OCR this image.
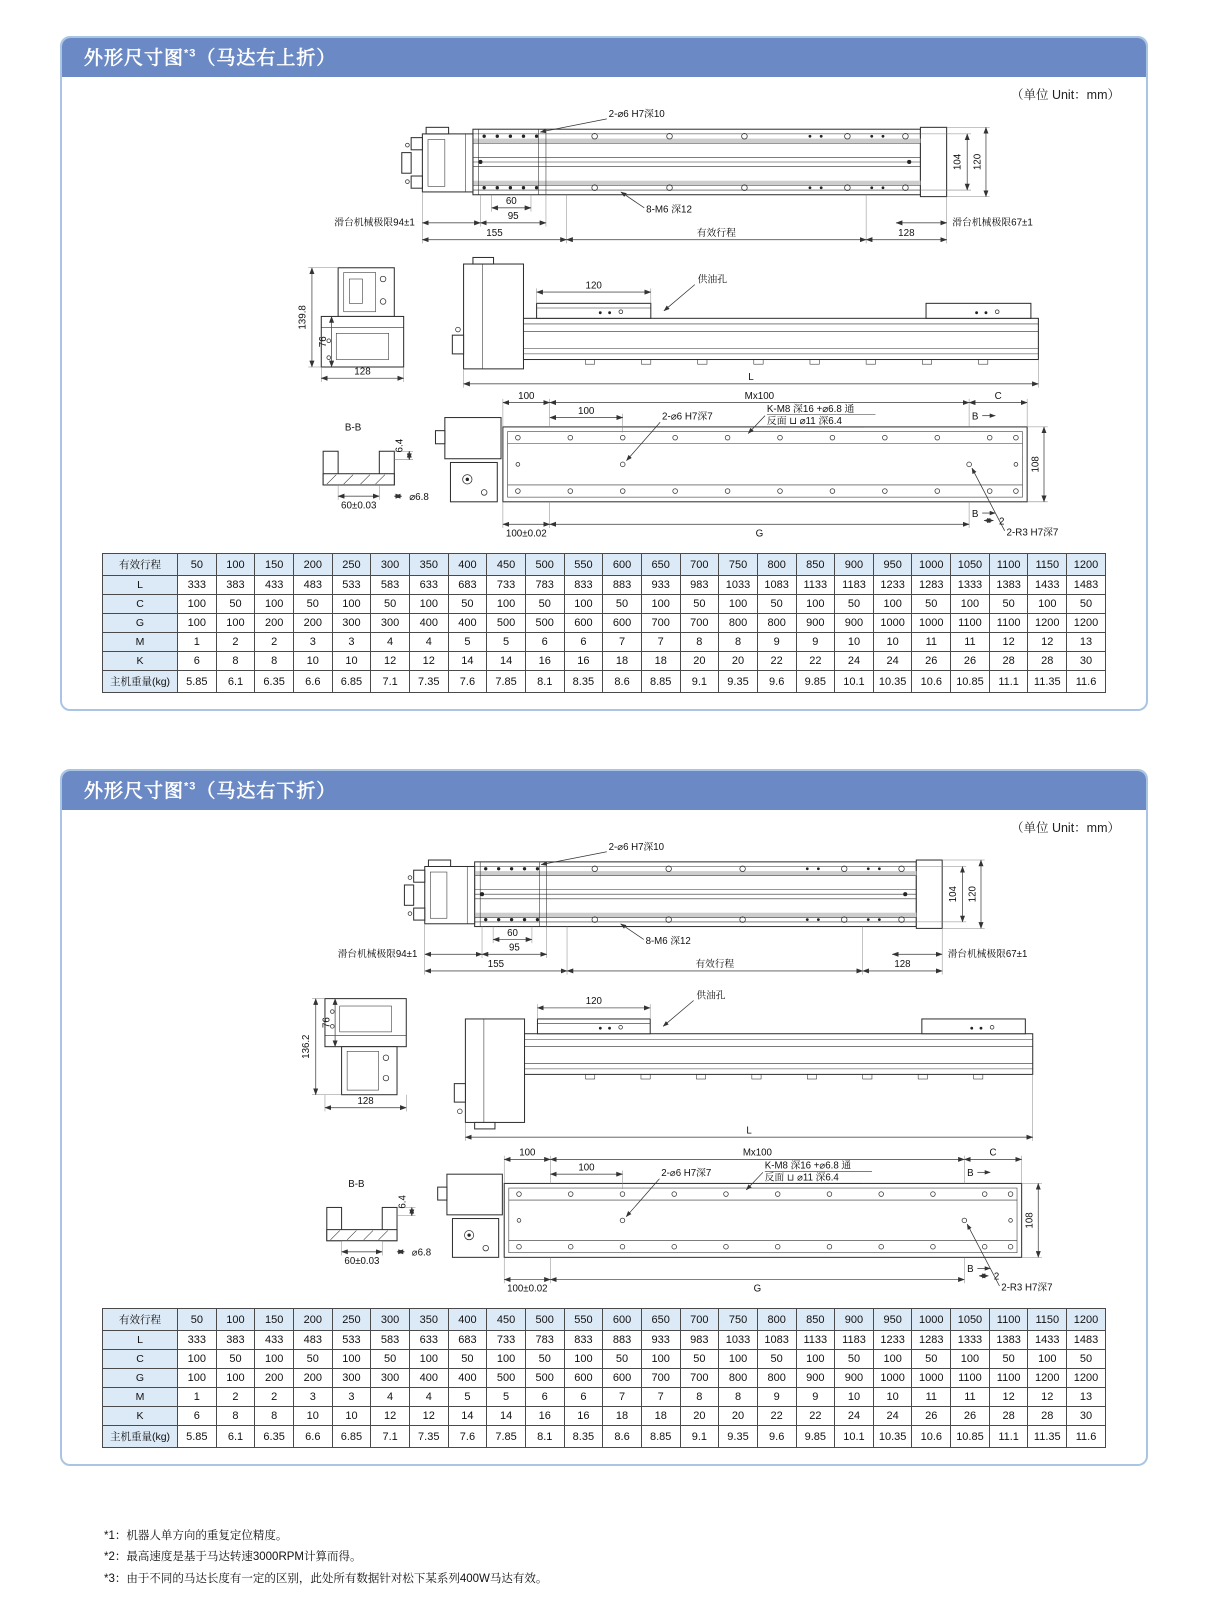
外形尺寸图$^{*3}$（马达右上折）
（单位 Unit：mm）
2-⌀6 H7深10
8-M6 深12
60
95
155	有效行程	128
滑台机械极限94±1	滑台机械极限67±1
104 120
139.8
76
128
120
供油孔
L
B-B
6.4
60±0.03
⌀6.8
100	Mx100	C
100
2-⌀6 H7深7
K-M8 深16 +⌀6.8 通
反面 ⊔ ⌀11 深6.4	B
B
2
108
2-R3 H7深7
100±0.02	G
有效行程	50	100	150	200	250	300	350	400	450	500	550	600	650	700	750	800	850	900	950	1000	1050	1100	1150	1200
L	333	383	433	483	533	583	633	683	733	783	833	883	933	983	1033	1083	1133	1183	1233	1283	1333	1383	1433	1483
C	100	50	100	50	100	50	100	50	100	50	100	50	100	50	100	50	100	50	100	50	100	50	100	50
G	100	100	200	200	300	300	400	400	500	500	600	600	700	700	800	800	900	900	1000	1000	1100	1100	1200	1200
M	1	2	2	3	3	4	4	5	5	6	6	7	7	8	8	9	9	10	10	11	11	12	12	13
K	6	8	8	10	10	12	12	14	14	16	16	18	18	20	20	22	22	24	24	26	26	28	28	30
主机重量(kg)	5.85	6.1	6.35	6.6	6.85	7.1	7.35	7.6	7.85	8.1	8.35	8.6	8.85	9.1	9.35	9.6	9.85	10.1	10.35	10.6	10.85	11.1	11.35	11.6
外形尺寸图$^{*3}$（马达右下折）
（单位 Unit：mm）
2-⌀6 H7深10
8-M6 深12
60
95
155	有效行程	128
滑台机械极限94±1	滑台机械极限67±1
104 120
136.2
76
128
120
供油孔
L
B-B
6.4
60±0.03
⌀6.8
100	Mx100	C
100
2-⌀6 H7深7
K-M8 深16 +⌀6.8 通
反面 ⊔ ⌀11 深6.4	B
B
2
108
2-R3 H7深7
100±0.02	G
有效行程	50	100	150	200	250	300	350	400	450	500	550	600	650	700	750	800	850	900	950	1000	1050	1100	1150	1200
L	333	383	433	483	533	583	633	683	733	783	833	883	933	983	1033	1083	1133	1183	1233	1283	1333	1383	1433	1483
C	100	50	100	50	100	50	100	50	100	50	100	50	100	50	100	50	100	50	100	50	100	50	100	50
G	100	100	200	200	300	300	400	400	500	500	600	600	700	700	800	800	900	900	1000	1000	1100	1100	1200	1200
M	1	2	2	3	3	4	4	5	5	6	6	7	7	8	8	9	9	10	10	11	11	12	12	13
K	6	8	8	10	10	12	12	14	14	16	16	18	18	20	20	22	22	24	24	26	26	28	28	30
主机重量(kg)	5.85	6.1	6.35	6.6	6.85	7.1	7.35	7.6	7.85	8.1	8.35	8.6	8.85	9.1	9.35	9.6	9.85	10.1	10.35	10.6	10.85	11.1	11.35	11.6
*1：机器人单方向的重复定位精度。
*2：最高速度是基于马达转速3000RPM计算而得。
*3：由于不同的马达长度有一定的区别，此处所有数据针对松下某系列400W马达有效。
